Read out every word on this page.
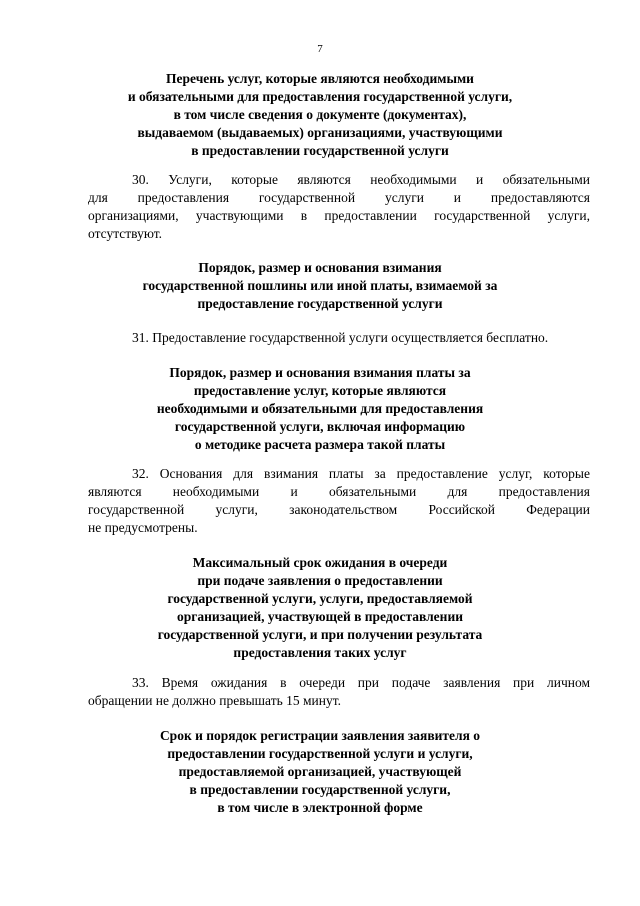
7
Перечень услуг, которые являются необходимыми
и обязательными для предоставления государственной услуги,
в том числе сведения о документе (документах),
выдаваемом (выдаваемых) организациями, участвующими
в предоставлении государственной услуги
30. Услуги, которые являются необходимыми и обязательными
для предоставления государственной услуги и предоставляются
организациями, участвующими в предоставлении государственной услуги,
отсутствуют.
Порядок, размер и основания взимания
государственной пошлины или иной платы, взимаемой за
предоставление государственной услуги
31. Предоставление государственной услуги осуществляется бесплатно.
Порядок, размер и основания взимания платы за
предоставление услуг, которые являются
необходимыми и обязательными для предоставления
государственной услуги, включая информацию
о методике расчета размера такой платы
32. Основания для взимания платы за предоставление услуг, которые
являются необходимыми и обязательными для предоставления
государственной услуги, законодательством Российской Федерации
не предусмотрены.
Максимальный срок ожидания в очереди
при подаче заявления о предоставлении
государственной услуги, услуги, предоставляемой
организацией, участвующей в предоставлении
государственной услуги, и при получении результата
предоставления таких услуг
33. Время ожидания в очереди при подаче заявления при личном
обращении не должно превышать 15 минут.
Срок и порядок регистрации заявления заявителя о
предоставлении государственной услуги и услуги,
предоставляемой организацией, участвующей
в предоставлении государственной услуги,
в том числе в электронной форме
